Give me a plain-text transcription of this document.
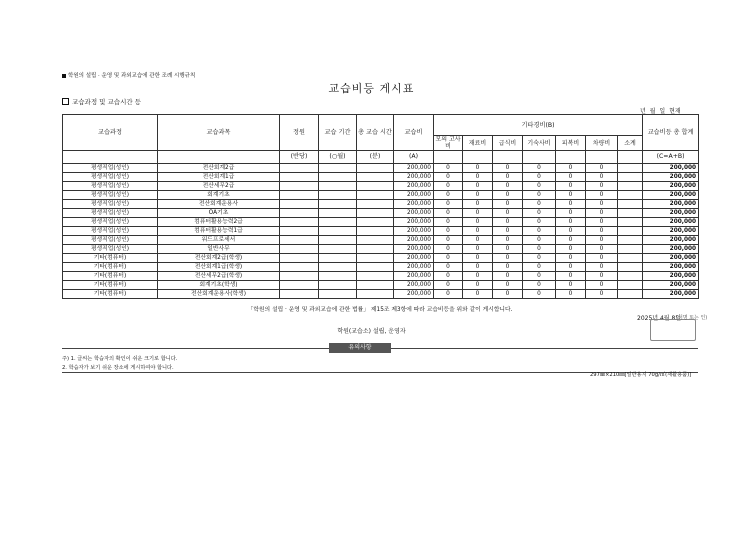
학원의 설립 · 운영 및 과외교습에 관한 조례 시행규칙
교습비등 게시표
교습과정 및 교습시간 등
년 월 일 현재
교습과정	교습과목	정원	교습 기간	총 교습 시간	교습비	기타경비(B)							교습비등 총 합계
						모의 고사비	재료비	급식비	기숙사비	피복비	차량비	소계	
		(반당)	(○월)	(분)	(A)								(C=A+B)
평생직업(성인)	전산회계2급				200,000	0	0	0	0	0	0		200,000
평생직업(성인)	전산회계1급				200,000	0	0	0	0	0	0		200,000
평생직업(성인)	전산세무2급				200,000	0	0	0	0	0	0		200,000
평생직업(성인)	회계기초				200,000	0	0	0	0	0	0		200,000
평생직업(성인)	전산회계운용사				200,000	0	0	0	0	0	0		200,000
평생직업(성인)	OA기초				200,000	0	0	0	0	0	0		200,000
평생직업(성인)	컴퓨터활용능력2급				200,000	0	0	0	0	0	0		200,000
평생직업(성인)	컴퓨터활용능력1급				200,000	0	0	0	0	0	0		200,000
평생직업(성인)	워드프로세서				200,000	0	0	0	0	0	0		200,000
평생직업(성인)	일반사무				200,000	0	0	0	0	0	0		200,000
기타(컴퓨터)	전산회계2급(학생)				200,000	0	0	0	0	0	0		200,000
기타(컴퓨터)	전산회계1급(학생)				200,000	0	0	0	0	0	0		200,000
기타(컴퓨터)	전산세무2급(학생)				200,000	0	0	0	0	0	0		200,000
기타(컴퓨터)	회계기초(학생)				200,000	0	0	0	0	0	0		200,000
기타(컴퓨터)	전산회계운용사(학생)				200,000	0	0	0	0	0	0		200,000
「학원의 설립 · 운영 및 과외교습에 관한 법률」 제15조 제3항에 따라 교습비등을 위와 같이 게시합니다.
2025년 4월 8일
(서명 또는 인)
학원(교습소) 설립, 운영자
유의사항
주) 1. 글씨는 학습자의 확인이 쉬운 크기로 합니다.
2. 학습자가 보기 쉬운 장소에 게시하여야 합니다.
297㎜×210㎜[일반용지 70g/㎡(재활용품)]
